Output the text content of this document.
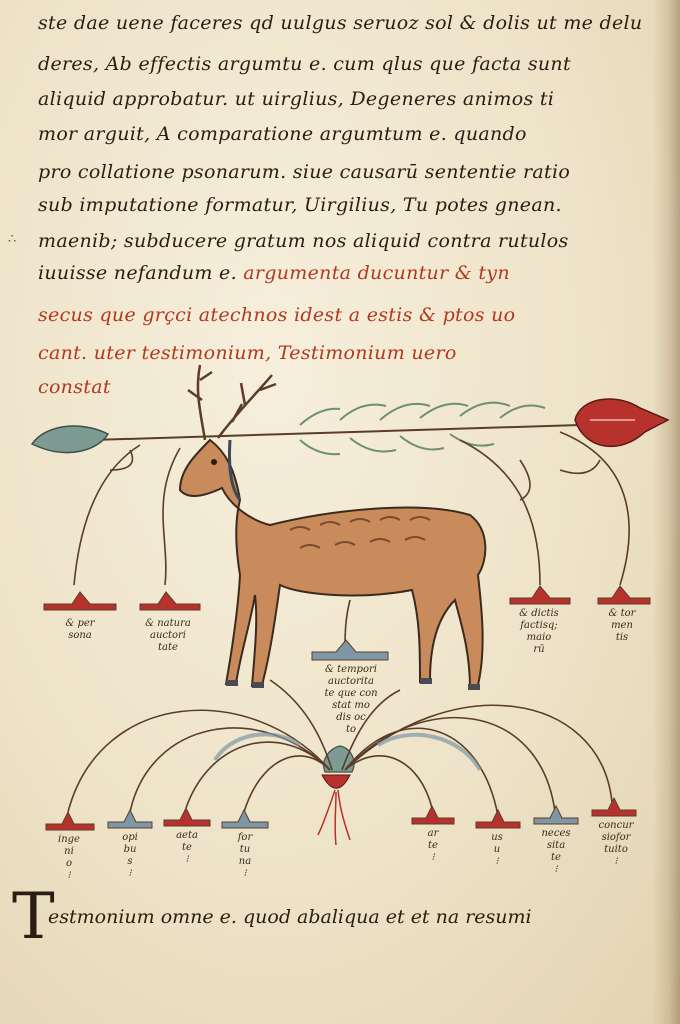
ste dae uene faceres qd uulgus seruoz sol & dolis ut me delu
deres, Ab effectis argumtu e. cum qlus que facta sunt
aliquid approbatur. ut uirglius, Degeneres animos ti
mor arguit, A comparatione argumtum e. quando
pro collatione psonarum. siue causarū sententie ratio
sub imputatione formatur, Uirgilius, Tu potes gnean.
maenib; subducere gratum nos aliquid contra rutulos
iuuisse nefandum e. argumenta ducuntur & tyn
secus que grçci atechnos idest a estis & ptos uo
cant. uter testimonium, Testimonium uero
constat
∴
& per
sona
& natura
auctori
tate
& tempori
auctorita
te que con
stat mo
dis oc
to
& dictis
factisq;
maio
rū
& tor
men
tis
inge
ni
o
⁝
opi
bu
s
⁝
aeta
te
⁝
for
tu
na
⁝
ar
te
⁝
us
u
⁝
neces
sita
te
⁝
concur
siofor
tuito
⁝
T
estmonium omne e. quod abaliqua et et na resumi
